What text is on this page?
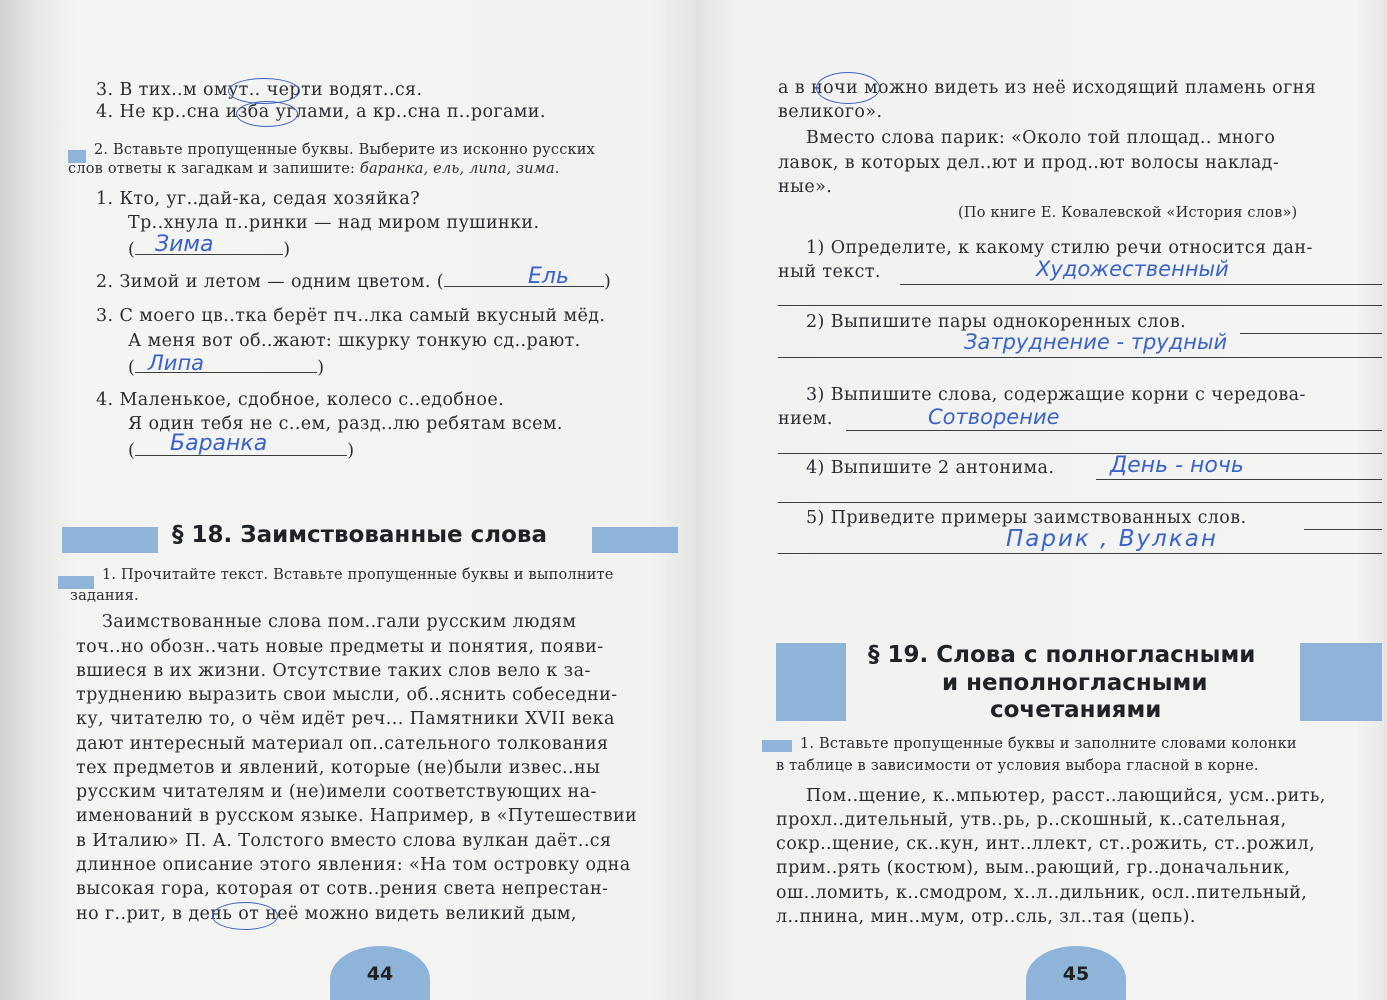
3. В тих..м омут.. черти водят..ся.
4. Не кр..сна изба углами, а кр..сна п..рогами.
2. Вставьте пропущенные буквы. Выберите из исконно русских
слов ответы к загадкам и запишите: баранка, ель, липа, зима.
1. Кто, уг..дай-ка, седая хозяйка?
Тр..хнула п..ринки — над миром пушинки.
(	)
Зима
2. Зимой и летом — одним цветом. (	)
Ель
3. С моего цв..тка берёт пч..лка самый вкусный мёд.
А меня вот об..жают: шкурку тонкую сд..рают.
(	)
Липа
4. Маленькое, сдобное, колесо с..едобное.
Я один тебя не с..ем, разд..лю ребятам всем.
(	)
Баранка
§ 18. Заимствованные слова
1. Прочитайте текст. Вставьте пропущенные буквы и выполните
задания.
Заимствованные слова пом..гали русским людям
точ..но обозн..чать новые предметы и понятия, появи-
вшиеся в их жизни. Отсутствие таких слов вело к за-
труднению выразить свои мысли, об..яснить собеседни-
ку, читателю то, о чём идёт реч... Памятники XVII века
дают интересный материал оп..сательного толкования
тех предметов и явлений, которые (не)были извес..ны
русским читателям и (не)имели соответствующих на-
именований в русском языке. Например, в «Путешествии
в Италию» П. А. Толстого вместо слова вулкан даёт..ся
длинное описание этого явления: «На том островку одна
высокая гора, которая от сотв..рения света непрестан-
но г..рит, в день от неё можно видеть великий дым,
44
а в ночи можно видеть из неё исходящий пламень огня
великого».
Вместо слова парик: «Около той площад.. много
лавок, в которых дел..ют и прод..ют волосы наклад-
ные».
(По книге Е. Ковалевской «История слов»)
1) Определите, к какому стилю речи относится дан-
ный текст.	Художественный
2) Выпишите пары однокоренных слов.
Затруднение - трудный
3) Выпишите слова, содержащие корни с чередова-
нием.	Сотворение
4) Выпишите 2 антонима.	День - ночь
5) Приведите примеры заимствованных слов.
Парик , Вулкан
§ 19. Слова с полногласными
и неполногласными
сочетаниями
1. Вставьте пропущенные буквы и заполните словами колонки
в таблице в зависимости от условия выбора гласной в корне.
Пом..щение, к..мпьютер, расст..лающийся, усм..рить,
прохл..дительный, утв..рь, р..скошный, к..сательная,
сокр..щение, ск..кун, инт..ллект, ст..рожить, ст..рожил,
прим..рять (костюм), вым..рающий, гр..доначальник,
ош..ломить, к..смодром, х..л..дильник, осл..пительный,
л..пнина, мин..мум, отр..сль, зл..тая (цепь).
45
